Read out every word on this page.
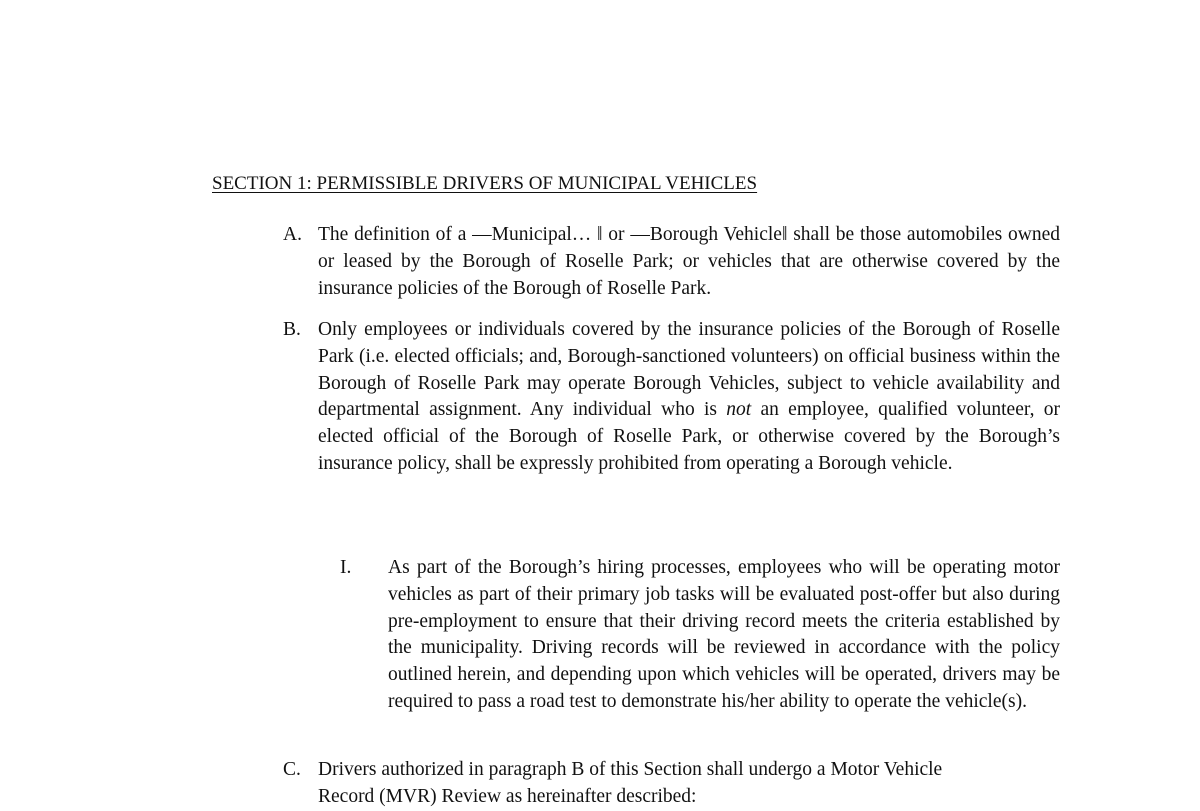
SECTION 1: PERMISSIBLE DRIVERS OF MUNICIPAL VEHICLES
A. The definition of a ―Municipal… ‖ or ―Borough Vehicle‖ shall be those automobiles owned or leased by the Borough of Roselle Park; or vehicles that are otherwise covered by the insurance policies of the Borough of Roselle Park.
B. Only employees or individuals covered by the insurance policies of the Borough of Roselle Park (i.e. elected officials; and, Borough-sanctioned volunteers) on official business within the Borough of Roselle Park may operate Borough Vehicles, subject to vehicle availability and departmental assignment. Any individual who is not an employee, qualified volunteer, or elected official of the Borough of Roselle Park, or otherwise covered by the Borough’s insurance policy, shall be expressly prohibited from operating a Borough vehicle.
I. As part of the Borough’s hiring processes, employees who will be operating motor vehicles as part of their primary job tasks will be evaluated post-offer but also during pre-employment to ensure that their driving record meets the criteria established by the municipality. Driving records will be reviewed in accordance with the policy outlined herein, and depending upon which vehicles will be operated, drivers may be required to pass a road test to demonstrate his/her ability to operate the vehicle(s).
C. Drivers authorized in paragraph B of this Section shall undergo a Motor Vehicle
Record (MVR) Review as hereinafter described:
